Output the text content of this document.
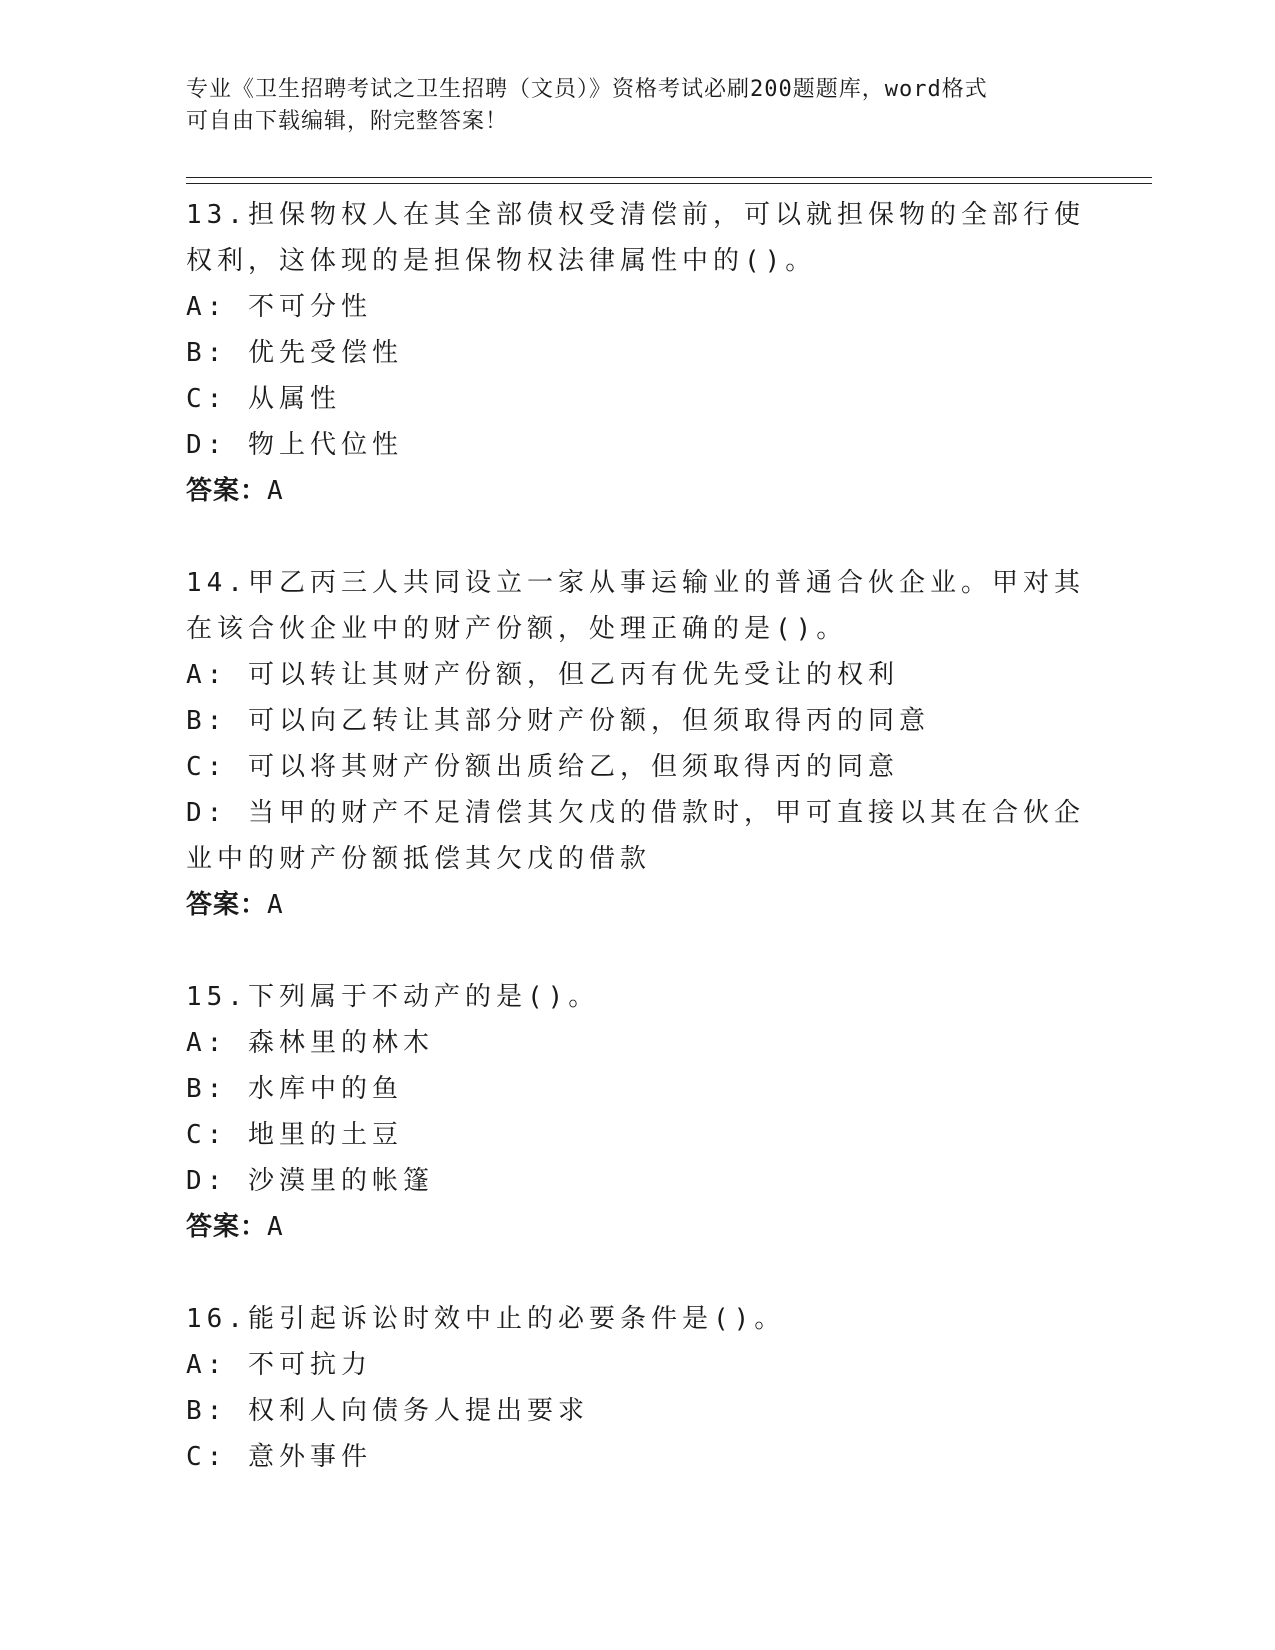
专业《卫生招聘考试之卫生招聘（文员）》资格考试必刷200题题库，word格式
可自由下载编辑，附完整答案！

13.担保物权人在其全部债权受清偿前，可以就担保物的全部行使权利，这体现的是担保物权法律属性中的()。

A: 不可分性

B: 优先受偿性

C: 从属性

D: 物上代位性

答案：A

14.甲乙丙三人共同设立一家从事运输业的普通合伙企业。甲对其在该合伙企业中的财产份额，处理正确的是()。

A: 可以转让其财产份额，但乙丙有优先受让的权利

B: 可以向乙转让其部分财产份额，但须取得丙的同意

C: 可以将其财产份额出质给乙，但须取得丙的同意

D: 当甲的财产不足清偿其欠戊的借款时，甲可直接以其在合伙企业中的财产份额抵偿其欠戊的借款

答案：A

15.下列属于不动产的是()。

A: 森林里的林木

B: 水库中的鱼

C: 地里的土豆

D: 沙漠里的帐篷

答案：A

16.能引起诉讼时效中止的必要条件是()。

A: 不可抗力

B: 权利人向债务人提出要求

C: 意外事件
